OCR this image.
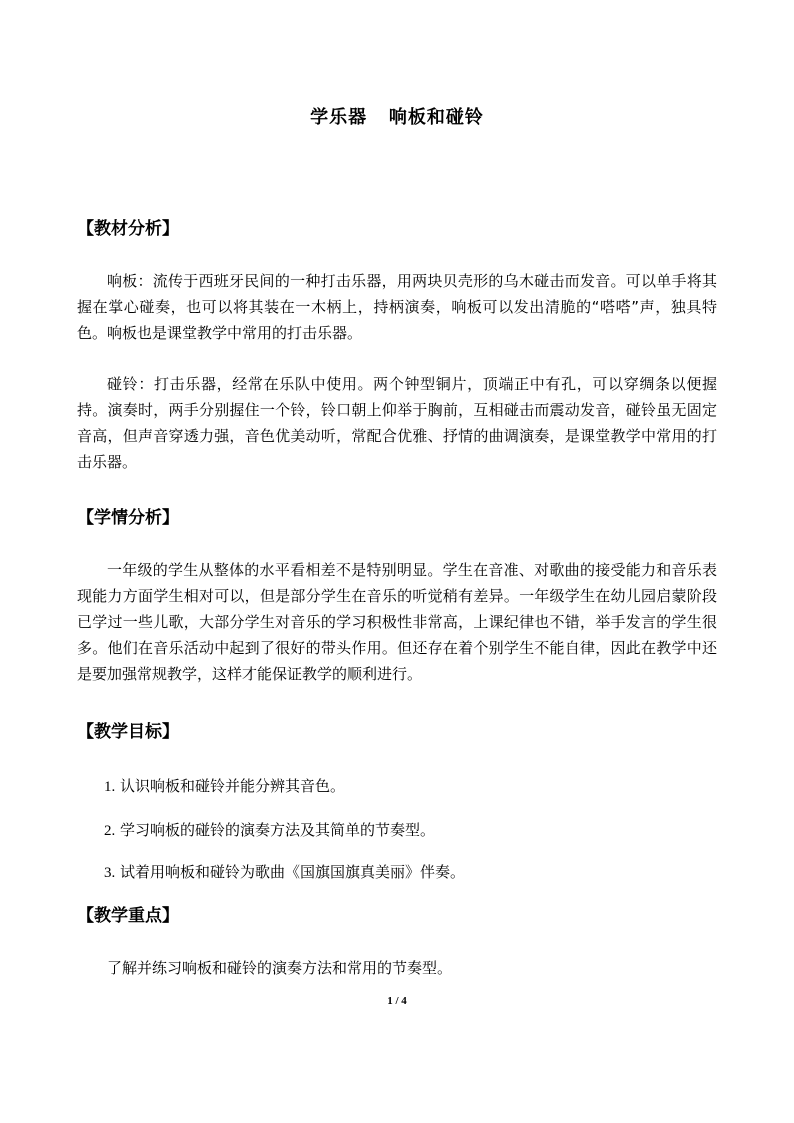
学乐器   响板和碰铃
【教材分析】

响板：流传于西班牙民间的一种打击乐器，用两块贝壳形的乌木碰击而发音。可以单手将其握在掌心碰奏，也可以将其装在一木柄上，持柄演奏，响板可以发出清脆的“嗒嗒”声，独具特色。响板也是课堂教学中常用的打击乐器。

碰铃：打击乐器，经常在乐队中使用。两个钟型铜片，顶端正中有孔，可以穿绸条以便握持。演奏时，两手分别握住一个铃，铃口朝上仰举于胸前，互相碰击而震动发音，碰铃虽无固定音高，但声音穿透力强，音色优美动听，常配合优雅、抒情的曲调演奏，是课堂教学中常用的打击乐器。

【学情分析】

一年级的学生从整体的水平看相差不是特别明显。学生在音准、对歌曲的接受能力和音乐表现能力方面学生相对可以，但是部分学生在音乐的听觉稍有差异。一年级学生在幼儿园启蒙阶段已学过一些儿歌，大部分学生对音乐的学习积极性非常高，上课纪律也不错，举手发言的学生很多。他们在音乐活动中起到了很好的带头作用。但还存在着个别学生不能自律，因此在教学中还是要加强常规教学，这样才能保证教学的顺利进行。

【教学目标】
1. 认识响板和碰铃并能分辨其音色。
2. 学习响板的碰铃的演奏方法及其简单的节奏型。
3. 试着用响板和碰铃为歌曲《国旗国旗真美丽》伴奏。
【教学重点】

了解并练习响板和碰铃的演奏方法和常用的节奏型。

1 / 4
